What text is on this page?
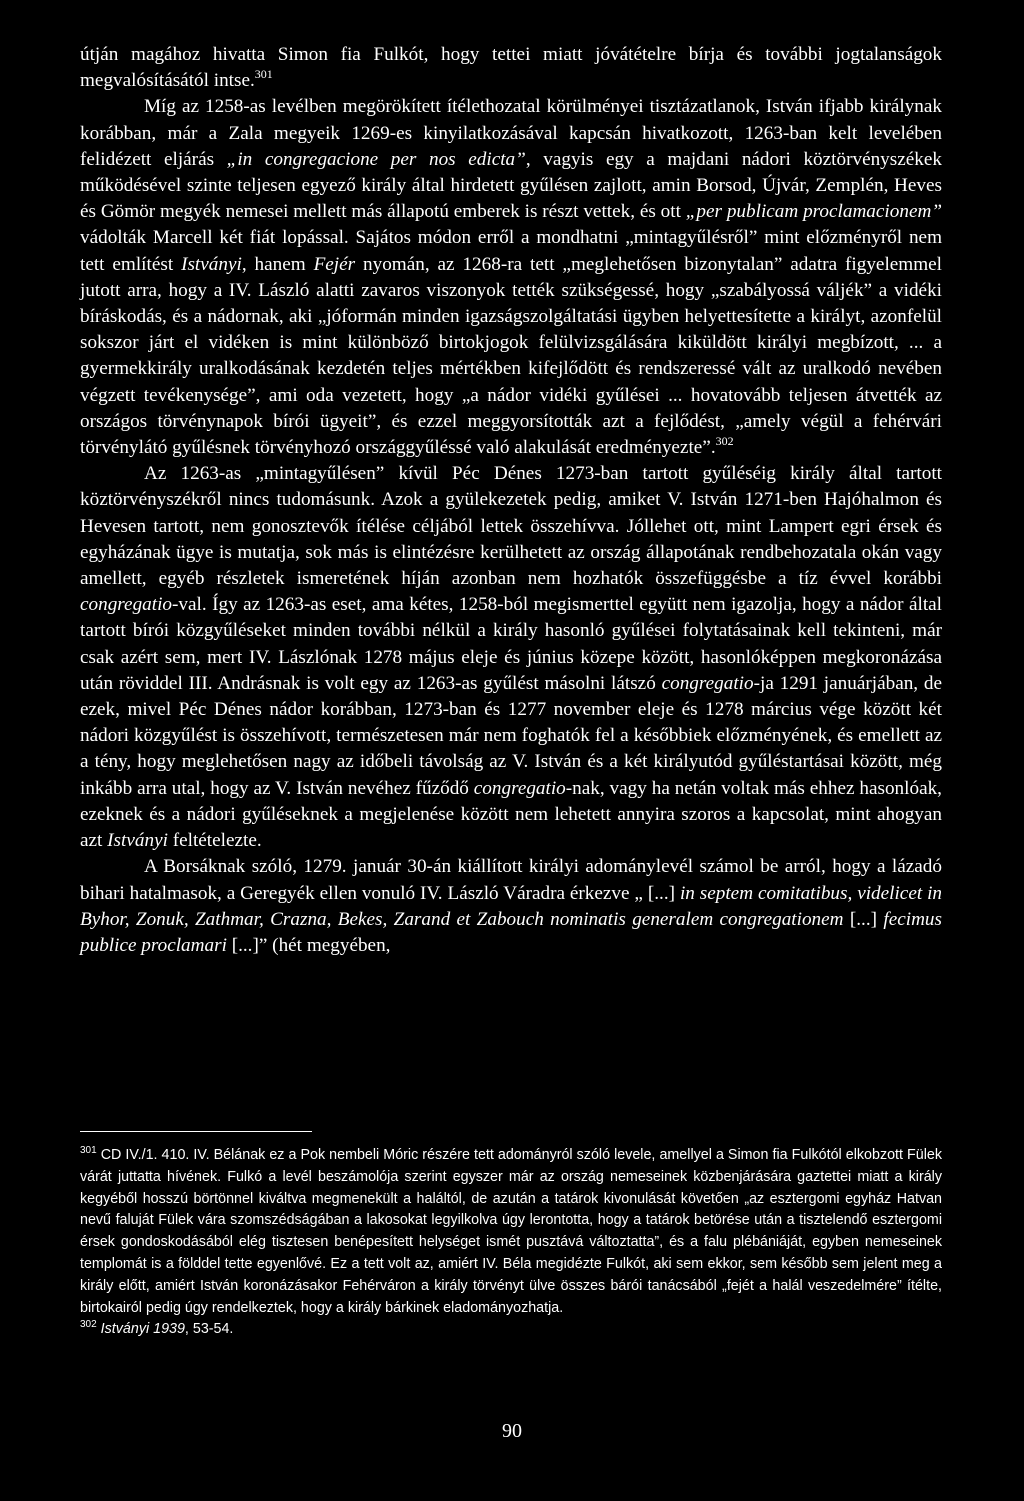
útján magához hivatta Simon fia Fulkót, hogy tettei miatt jóvátételre bírja és további jogtalanságok megvalósításától intse.$^{301}$

Míg az 1258-as levélben megörökített ítélethozatal körülményei tisztázatlanok, István ifjabb királynak korábban, már a Zala megyeik 1269-es kinyilatkozásával kapcsán hivatkozott, 1263-ban kelt levelében felidézett eljárás „in congregacione per nos edicta”, vagyis egy a majdani nádori köztörvényszékek működésével szinte teljesen egyező király által hirdetett gyűlésen zajlott, amin Borsod, Újvár, Zemplén, Heves és Gömör megyék nemesei mellett más állapotú emberek is részt vettek, és ott „per publicam proclamacionem” vádolták Marcell két fiát lopással. Sajátos módon erről a mondhatni „mintagyűlésről” mint előzményről nem tett említést Istványi, hanem Fejér nyomán, az 1268-ra tett „meglehetősen bizonytalan” adatra figyelemmel jutott arra, hogy a IV. László alatti zavaros viszonyok tették szükségessé, hogy „szabályossá váljék” a vidéki bíráskodás, és a nádornak, aki „jóformán minden igazságszolgáltatási ügyben helyettesítette a királyt, azonfelül sokszor járt el vidéken is mint különböző birtokjogok felülvizsgálására kiküldött királyi megbízott, ... a gyermekkirály uralkodásának kezdetén teljes mértékben kifejlődött és rendszeressé vált az uralkodó nevében végzett tevékenysége”, ami oda vezetett, hogy „a nádor vidéki gyűlései ... hovatovább teljesen átvették az országos törvénynapok bírói ügyeit”, és ezzel meggyorsították azt a fejlődést, „amely végül a fehérvári törvénylátó gyűlésnek törvényhozó országgyűléssé való alakulását eredményezte”.$^{302}$

Az 1263-as „mintagyűlésen” kívül Péc Dénes 1273-ban tartott gyűléséig király által tartott köztörvényszékről nincs tudomásunk. Azok a gyülekezetek pedig, amiket V. István 1271-ben Hajóhalmon és Hevesen tartott, nem gonosztevők ítélése céljából lettek összehívva. Jóllehet ott, mint Lampert egri érsek és egyházának ügye is mutatja, sok más is elintézésre kerülhetett az ország állapotának rendbehozatala okán vagy amellett, egyéb részletek ismeretének híján azonban nem hozhatók összefüggésbe a tíz évvel korábbi congregatio-val. Így az 1263-as eset, ama kétes, 1258-ból megismerttel együtt nem igazolja, hogy a nádor által tartott bírói közgyűléseket minden további nélkül a király hasonló gyűlései folytatásainak kell tekinteni, már csak azért sem, mert IV. Lászlónak 1278 május eleje és június közepe között, hasonlóképpen megkoronázása után röviddel III. Andrásnak is volt egy az 1263-as gyűlést másolni látszó congregatio-ja 1291 januárjában, de ezek, mivel Péc Dénes nádor korábban, 1273-ban és 1277 november eleje és 1278 március vége között két nádori közgyűlést is összehívott, természetesen már nem foghatók fel a későbbiek előzményének, és emellett az a tény, hogy meglehetősen nagy az időbeli távolság az V. István és a két királyutód gyűléstartásai között, még inkább arra utal, hogy az V. István nevéhez fűződő congregatio-nak, vagy ha netán voltak más ehhez hasonlóak, ezeknek és a nádori gyűléseknek a megjelenése között nem lehetett annyira szoros a kapcsolat, mint ahogyan azt Istványi feltételezte.

A Borsáknak szóló, 1279. január 30-án kiállított királyi adománylevél számol be arról, hogy a lázadó bihari hatalmasok, a Geregyék ellen vonuló IV. László Váradra érkezve „ [...] in septem comitatibus, videlicet in Byhor, Zonuk, Zathmar, Crazna, Bekes, Zarand et Zabouch nominatis generalem congregationem [...] fecimus publice proclamari [...]” (hét megyében,

$^{301}$ CD IV./1. 410. IV. Bélának ez a Pok nembeli Móric részére tett adományról szóló levele, amellyel a Simon fia Fulkótól elkobzott Fülek várát juttatta hívének. Fulkó a levél beszámolója szerint egyszer már az ország nemeseinek közbenjárására gaztettei miatt a király kegyéből hosszú börtönnel kiváltva megmenekült a haláltól, de azután a tatárok kivonulását követően „az esztergomi egyház Hatvan nevű faluját Fülek vára szomszédságában a lakosokat legyilkolva úgy lerontotta, hogy a tatárok betörése után a tisztelendő esztergomi érsek gondoskodásából elég tisztesen benépesített helységet ismét pusztává változtatta”, és a falu plébániáját, egyben nemeseinek templomát is a földdel tette egyenlővé. Ez a tett volt az, amiért IV. Béla megidézte Fulkót, aki sem ekkor, sem később sem jelent meg a király előtt, amiért István koronázásakor Fehérváron a király törvényt ülve összes bárói tanácsából „fejét a halál veszedelmére” ítélte, birtokairól pedig úgy rendelkeztek, hogy a király bárkinek eladományozhatja.

$^{302}$ Istványi 1939, 53-54.

90
